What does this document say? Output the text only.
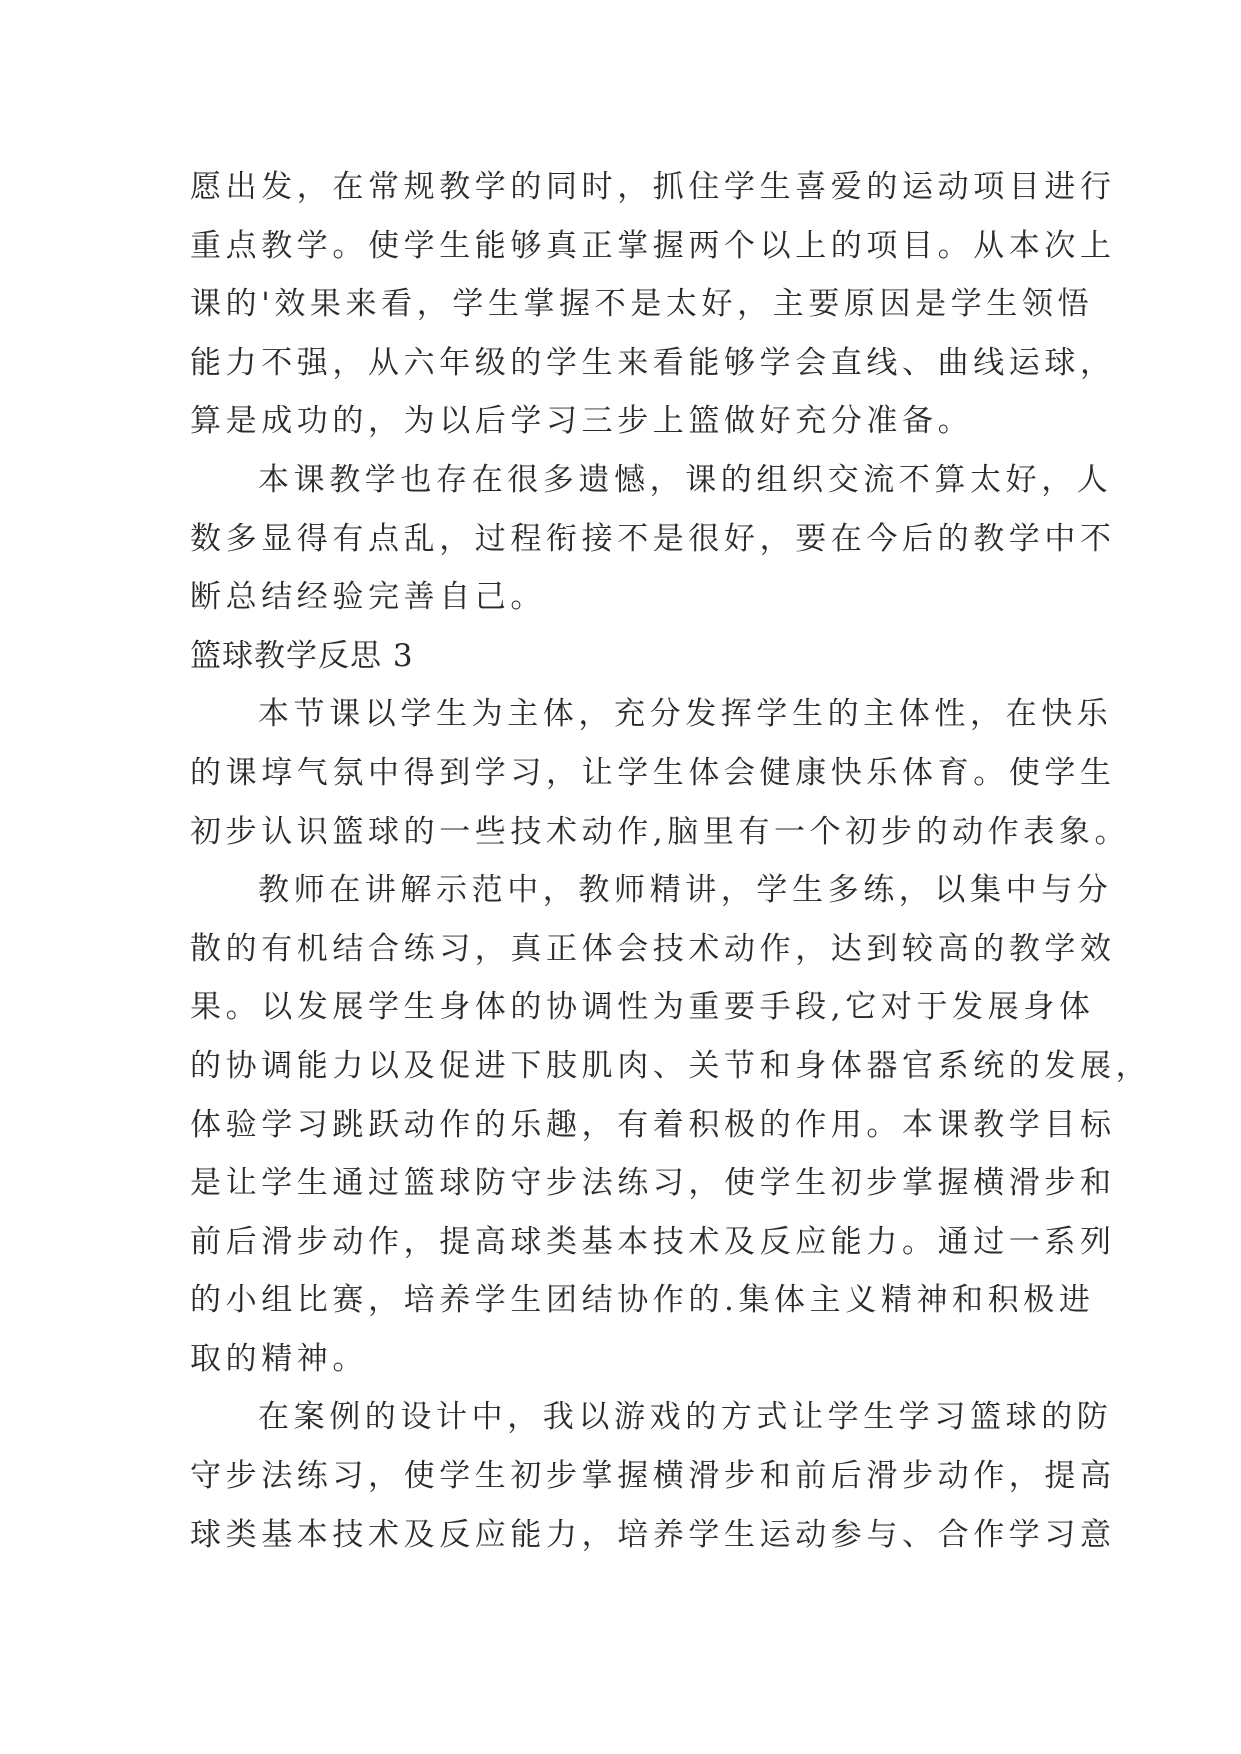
愿出发，在常规教学的同时，抓住学生喜爱的运动项目进行
重点教学。使学生能够真正掌握两个以上的项目。从本次上
课的'效果来看，学生掌握不是太好，主要原因是学生领悟
能力不强，从六年级的学生来看能够学会直线、曲线运球，
算是成功的，为以后学习三步上篮做好充分准备。
本课教学也存在很多遗憾，课的组织交流不算太好，人
数多显得有点乱，过程衔接不是很好，要在今后的教学中不
断总结经验完善自己。
篮球教学反思 3
本节课以学生为主体，充分发挥学生的主体性，在快乐
的课埻气氛中得到学习，让学生体会健康快乐体育。使学生
初步认识篮球的一些技术动作,脑里有一个初步的动作表象。
教师在讲解示范中，教师精讲，学生多练，以集中与分
散的有机结合练习，真正体会技术动作，达到较高的教学效
果。以发展学生身体的协调性为重要手段,它对于发展身体
的协调能力以及促进下肢肌肉、关节和身体器官系统的发展，
体验学习跳跃动作的乐趣，有着积极的作用。本课教学目标
是让学生通过篮球防守步法练习，使学生初步掌握横滑步和
前后滑步动作，提高球类基本技术及反应能力。通过一系列
的小组比赛，培养学生团结协作的.集体主义精神和积极进
取的精神。
在案例的设计中，我以游戏的方式让学生学习篮球的防
守步法练习，使学生初步掌握横滑步和前后滑步动作，提高
球类基本技术及反应能力，培养学生运动参与、合作学习意
